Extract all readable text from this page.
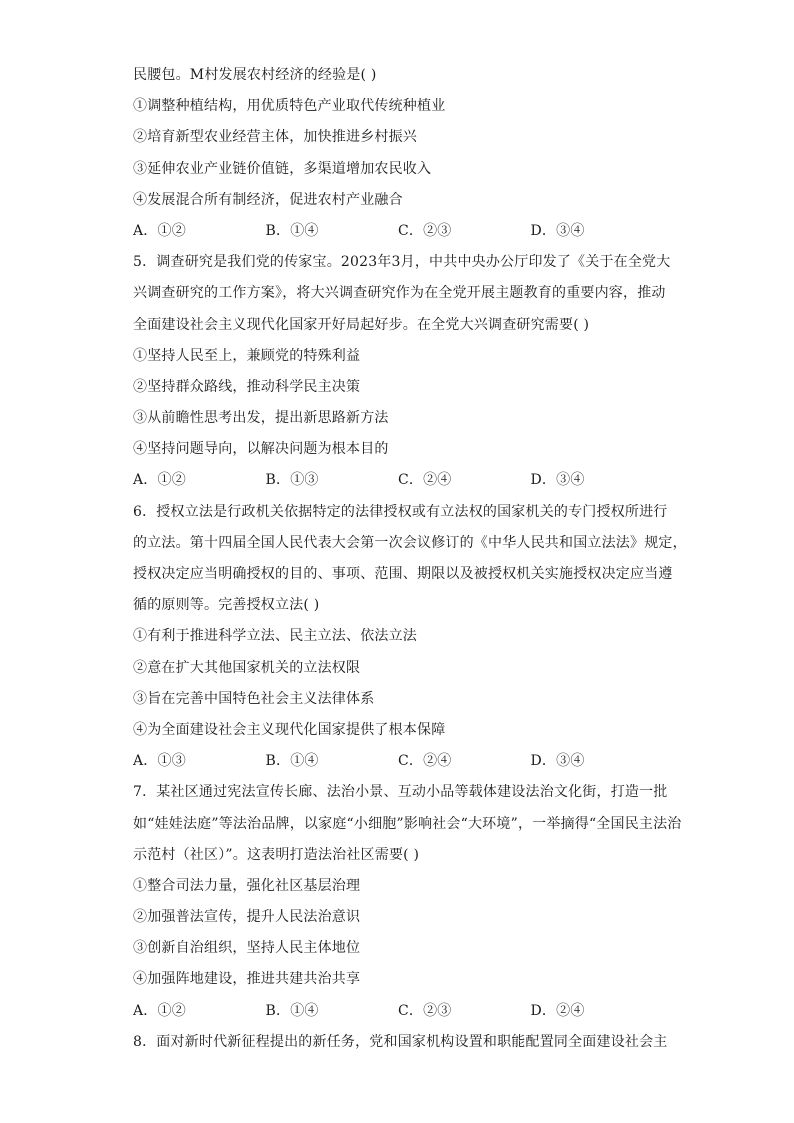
民腰包。M村发展农村经济的经验是( )
①调整种植结构，用优质特色产业取代传统种植业
②培育新型农业经营主体，加快推进乡村振兴
③延伸农业产业链价值链，多渠道增加农民收入
④发展混合所有制经济，促进农村产业融合
A．①②	B．①④	C．②③	D．③④
5．调查研究是我们党的传家宝。2023年3月，中共中央办公厅印发了《关于在全党大
兴调查研究的工作方案》，将大兴调查研究作为在全党开展主题教育的重要内容，推动
全面建设社会主义现代化国家开好局起好步。在全党大兴调查研究需要( )
①坚持人民至上，兼顾党的特殊利益
②坚持群众路线，推动科学民主决策
③从前瞻性思考出发，提出新思路新方法
④坚持问题导向，以解决问题为根本目的
A．①②	B．①③	C．②④	D．③④
6．授权立法是行政机关依据特定的法律授权或有立法权的国家机关的专门授权所进行
的立法。第十四届全国人民代表大会第一次会议修订的《中华人民共和国立法法》规定，
授权决定应当明确授权的目的、事项、范围、期限以及被授权机关实施授权决定应当遵
循的原则等。完善授权立法( )
①有利于推进科学立法、民主立法、依法立法
②意在扩大其他国家机关的立法权限
③旨在完善中国特色社会主义法律体系
④为全面建设社会主义现代化国家提供了根本保障
A．①③	B．①④	C．②④	D．③④
7．某社区通过宪法宣传长廊、法治小景、互动小品等载体建设法治文化街，打造一批
如“娃娃法庭”等法治品牌，以家庭“小细胞”影响社会“大环境”，一举摘得“全国民主法治
示范村（社区）”。这表明打造法治社区需要( )
①整合司法力量，强化社区基层治理
②加强普法宣传，提升人民法治意识
③创新自治组织，坚持人民主体地位
④加强阵地建设，推进共建共治共享
A．①②	B．①④	C．②③	D．②④
8．面对新时代新征程提出的新任务，党和国家机构设置和职能配置同全面建设社会主
